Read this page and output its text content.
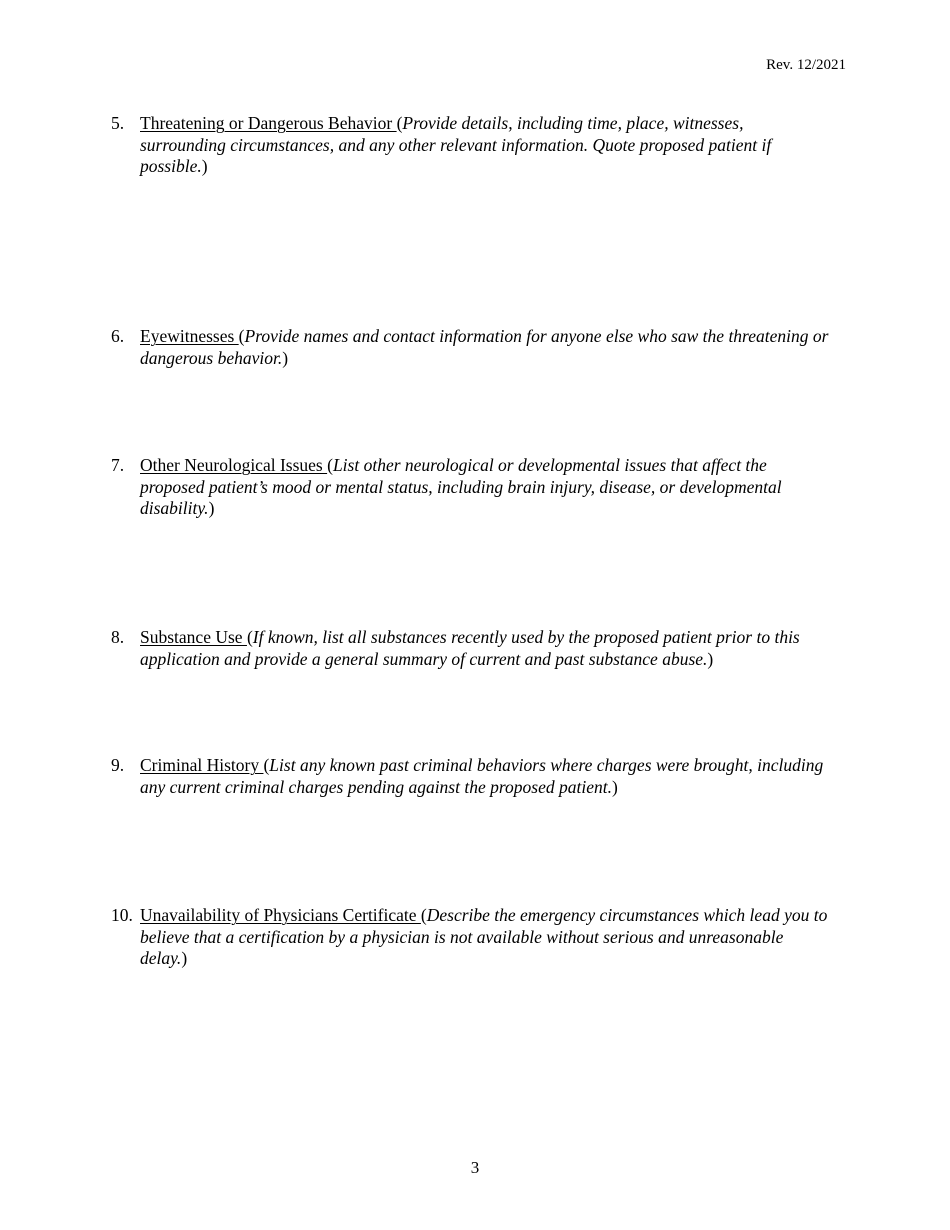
Rev. 12/2021
5. Threatening or Dangerous Behavior (Provide details, including time, place, witnesses, surrounding circumstances, and any other relevant information. Quote proposed patient if possible.)
6. Eyewitnesses (Provide names and contact information for anyone else who saw the threatening or dangerous behavior.)
7. Other Neurological Issues (List other neurological or developmental issues that affect the proposed patient’s mood or mental status, including brain injury, disease, or developmental disability.)
8. Substance Use (If known, list all substances recently used by the proposed patient prior to this application and provide a general summary of current and past substance abuse.)
9. Criminal History (List any known past criminal behaviors where charges were brought, including any current criminal charges pending against the proposed patient.)
10. Unavailability of Physicians Certificate (Describe the emergency circumstances which lead you to believe that a certification by a physician is not available without serious and unreasonable delay.)
3
